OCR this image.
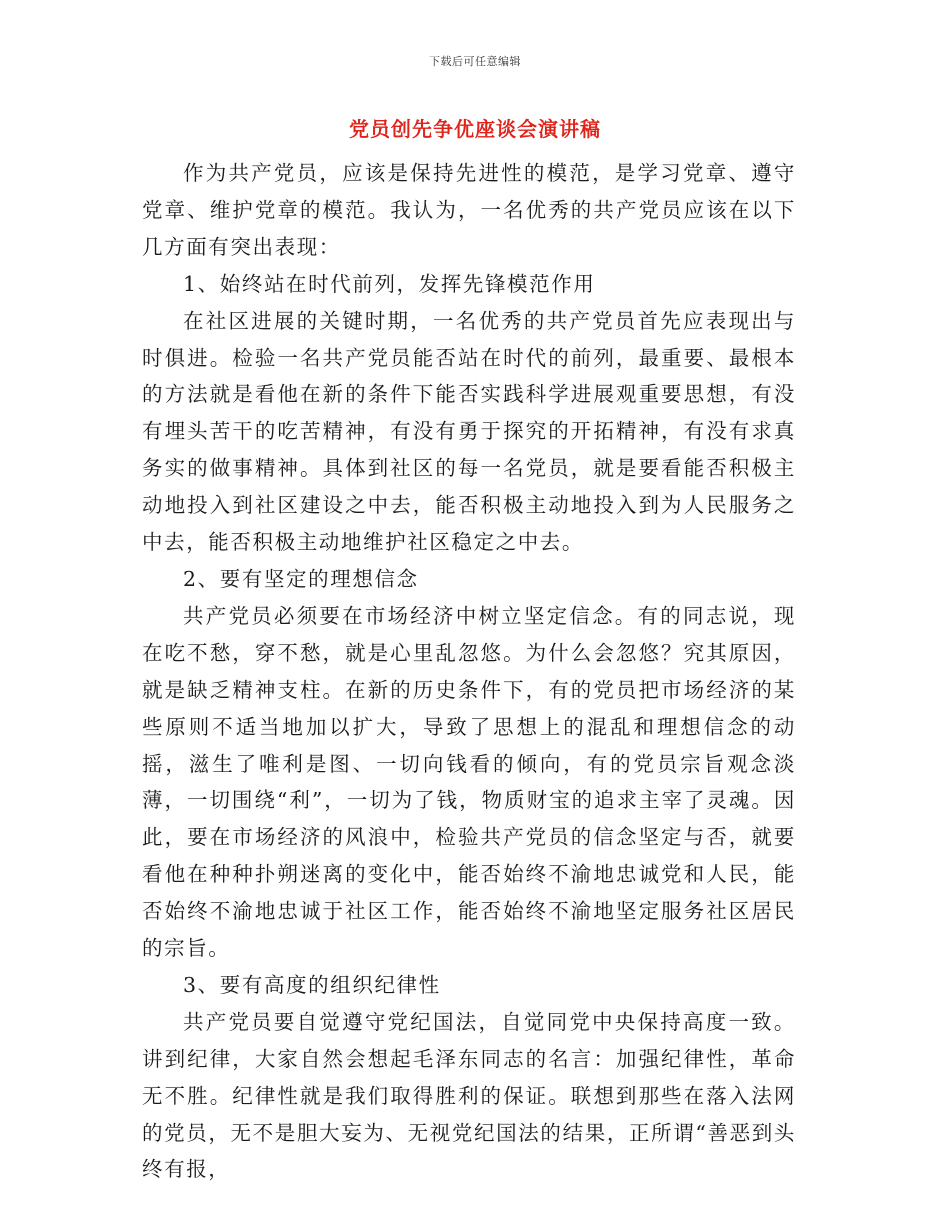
下载后可任意编辑
党员创先争优座谈会演讲稿

作为共产党员，应该是保持先进性的模范，是学习党章、遵守党章、维护党章的模范。我认为，一名优秀的共产党员应该在以下几方面有突出表现：

1、始终站在时代前列，发挥先锋模范作用

在社区进展的关键时期，一名优秀的共产党员首先应表现出与时俱进。检验一名共产党员能否站在时代的前列，最重要、最根本的方法就是看他在新的条件下能否实践科学进展观重要思想，有没有埋头苦干的吃苦精神，有没有勇于探究的开拓精神，有没有求真务实的做事精神。具体到社区的每一名党员，就是要看能否积极主动地投入到社区建设之中去，能否积极主动地投入到为人民服务之中去，能否积极主动地维护社区稳定之中去。

2、要有坚定的理想信念

共产党员必须要在市场经济中树立坚定信念。有的同志说，现在吃不愁，穿不愁，就是心里乱忽悠。为什么会忽悠？究其原因，就是缺乏精神支柱。在新的历史条件下，有的党员把市场经济的某些原则不适当地加以扩大，导致了思想上的混乱和理想信念的动摇，滋生了唯利是图、一切向钱看的倾向，有的党员宗旨观念淡薄，一切围绕“利”，一切为了钱，物质财宝的追求主宰了灵魂。因此，要在市场经济的风浪中，检验共产党员的信念坚定与否，就要看他在种种扑朔迷离的变化中，能否始终不渝地忠诚党和人民，能否始终不渝地忠诚于社区工作，能否始终不渝地坚定服务社区居民的宗旨。

3、要有高度的组织纪律性

共产党员要自觉遵守党纪国法，自觉同党中央保持高度一致。讲到纪律，大家自然会想起毛泽东同志的名言：加强纪律性，革命无不胜。纪律性就是我们取得胜利的保证。联想到那些在落入法网的党员，无不是胆大妄为、无视党纪国法的结果，正所谓“善恶到头终有报，
